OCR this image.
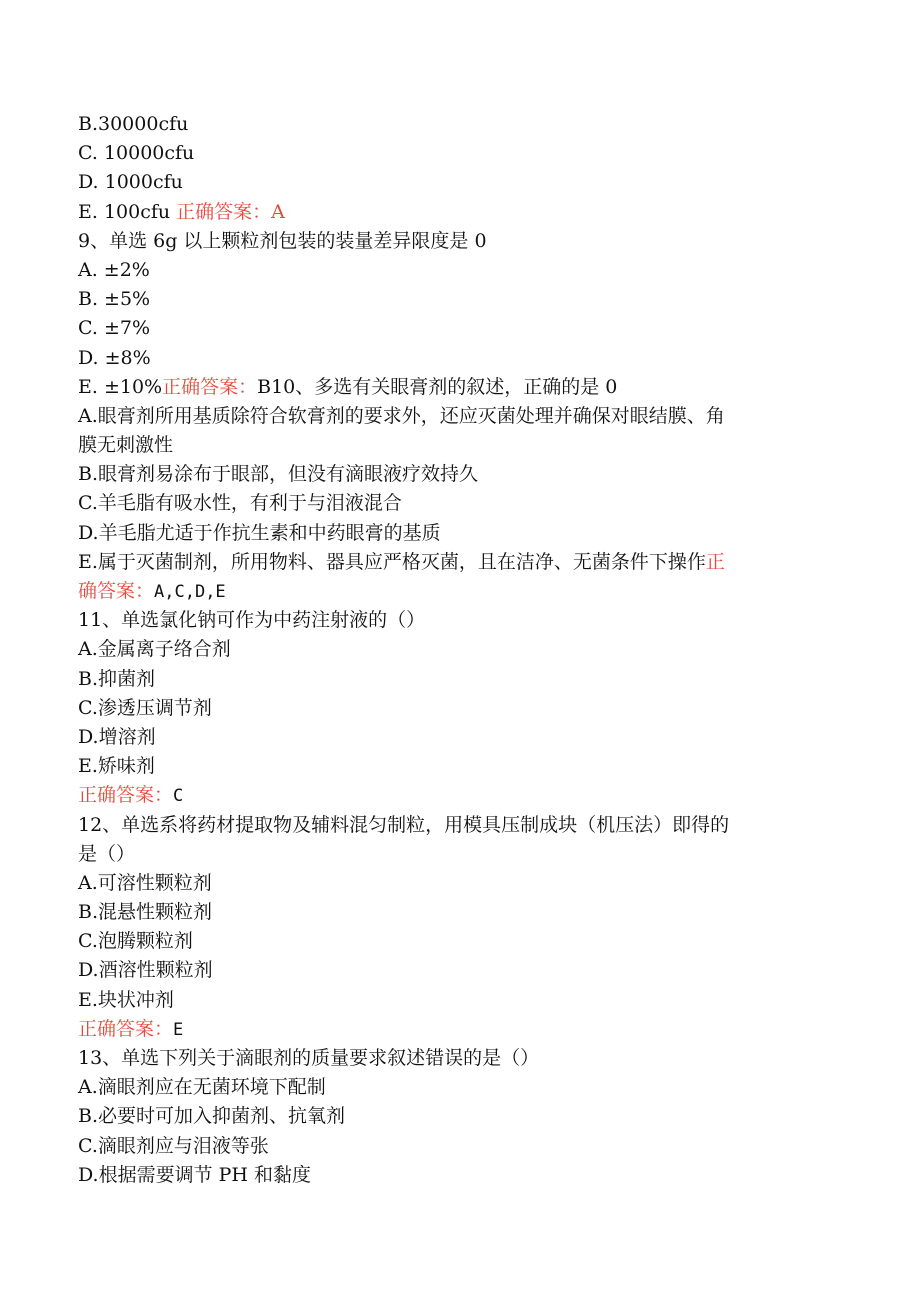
B.30000cfu
C. 10000cfu
D. 1000cfu
E. 100cfu 正确答案：A
9、单选 6g 以上颗粒剂包装的装量差异限度是 0
A. ±2%
B. ±5%
C. ±7%
D. ±8%
E. ±10%正确答案：B10、多选有关眼膏剂的叙述，正确的是 0
A.眼膏剂所用基质除符合软膏剂的要求外，还应灭菌处理并确保对眼结膜、角
膜无刺激性
B.眼膏剂易涂布于眼部，但没有滴眼液疗效持久
C.羊毛脂有吸水性，有利于与泪液混合
D.羊毛脂尤适于作抗生素和中药眼膏的基质
E.属于灭菌制剂，所用物料、器具应严格灭菌，且在洁净、无菌条件下操作正
确答案：A,C,D,E
11、单选氯化钠可作为中药注射液的（）
A.金属离子络合剂
B.抑菌剂
C.渗透压调节剂
D.增溶剂
E.矫味剂
正确答案：C
12、单选系将药材提取物及辅料混匀制粒，用模具压制成块（机压法）即得的
是（）
A.可溶性颗粒剂
B.混悬性颗粒剂
C.泡腾颗粒剂
D.酒溶性颗粒剂
E.块状冲剂
正确答案：E
13、单选下列关于滴眼剂的质量要求叙述错误的是（）
A.滴眼剂应在无菌环境下配制
B.必要时可加入抑菌剂、抗氧剂
C.滴眼剂应与泪液等张
D.根据需要调节 PH 和黏度
